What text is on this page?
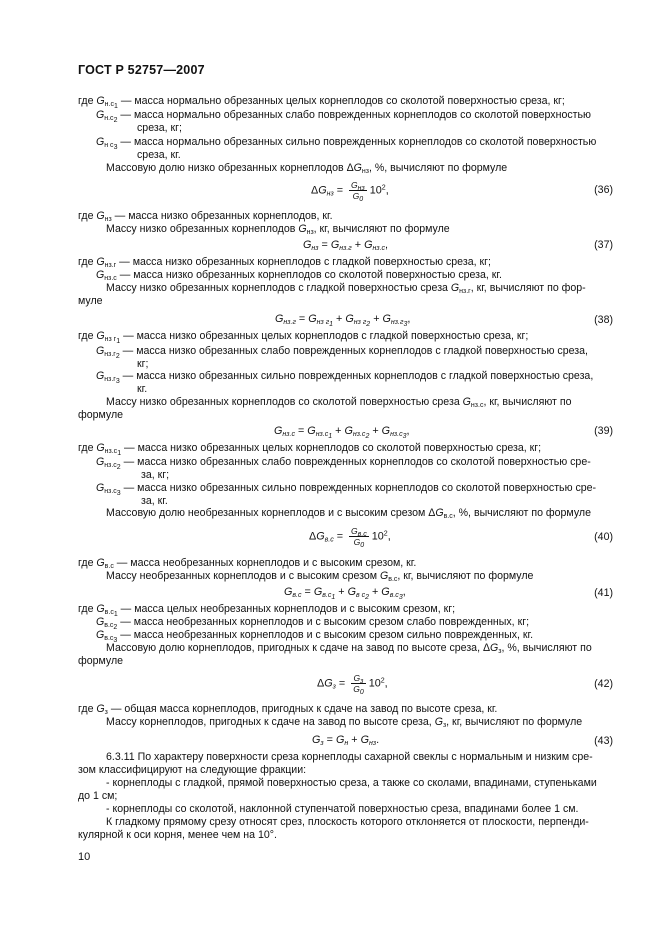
ГОСТ Р 52757—2007
где $G_{н.с_1}$ — масса нормально обрезанных целых корнеплодов со сколотой поверхностью среза, кг;
$G_{н.с_2}$ — масса нормально обрезанных слабо поврежденных корнеплодов со сколотой поверхностью
среза, кг;
$G_{н с_3}$ — масса нормально обрезанных сильно поврежденных корнеплодов со сколотой поверхностью
среза, кг.
Массовую долю низко обрезанных корнеплодов $\Delta G_{нз}$, %, вычисляют по формуле
$\Delta G_{нз} = \frac{G_{нз}}{G_0} 10^2$,	(36)
где $G_{нз}$ — масса низко обрезанных корнеплодов, кг.
Массу низко обрезанных корнеплодов $G_{нз}$, кг, вычисляют по формуле
$G_{нз} = G_{нз.г} + G_{нз.с}$,	(37)
где $G_{нз.г}$ — масса низко обрезанных корнеплодов с гладкой поверхностью среза, кг;
$G_{нз.с}$ — масса низко обрезанных корнеплодов со сколотой поверхностью среза, кг.
Массу низко обрезанных корнеплодов с гладкой поверхностью среза $G_{нз.г}$, кг, вычисляют по фор-
муле
$G_{нз.г} = G_{нз г_1} + G_{нз г_2} + G_{нз.г_3}$,	(38)
где $G_{нз г_1}$ — масса низко обрезанных целых корнеплодов с гладкой поверхностью среза, кг;
$G_{нз.г_2}$ — масса низко обрезанных слабо поврежденных корнеплодов с гладкой поверхностью среза,
кг;
$G_{нз.г_3}$ — масса низко обрезанных сильно поврежденных корнеплодов с гладкой поверхностью среза,
кг.
Массу низко обрезанных корнеплодов со сколотой поверхностью среза $G_{нз.с}$, кг, вычисляют по
формуле
$G_{нз.с} = G_{нз.с_1} + G_{нз.с_2} + G_{нз.с_3}$,	(39)
где $G_{нз.с_1}$ — масса низко обрезанных целых корнеплодов со сколотой поверхностью среза, кг;
$G_{нз.с_2}$ — масса низко обрезанных слабо поврежденных корнеплодов со сколотой поверхностью сре-
за, кг;
$G_{нз.с_3}$ — масса низко обрезанных сильно поврежденных корнеплодов со сколотой поверхностью сре-
за, кг.
Массовую долю необрезанных корнеплодов и с высоким срезом $\Delta G_{в.с}$, %, вычисляют по формуле
$\Delta G_{в.с} = \frac{G_{в.с}}{G_0} 10^2$,	(40)
где $G_{в.с}$ — масса необрезанных корнеплодов и с высоким срезом, кг.
Массу необрезанных корнеплодов и с высоким срезом $G_{в.с}$, кг, вычисляют по формуле
$G_{в.с} = G_{в.с_1} + G_{в с_2} + G_{в.с_3}$,	(41)
где $G_{в.с_1}$ — масса целых необрезанных корнеплодов и с высоким срезом, кг;
$G_{в.с_2}$ — масса необрезанных корнеплодов и с высоким срезом слабо поврежденных, кг;
$G_{в.с_3}$ — масса необрезанных корнеплодов и с высоким срезом сильно поврежденных, кг.
Массовую долю корнеплодов, пригодных к сдаче на завод по высоте среза, $\Delta G_з$, %, вычисляют по
формуле
$\Delta G_з = \frac{G_з}{G_0} 10^2$,	(42)
где $G_з$ — общая масса корнеплодов, пригодных к сдаче на завод по высоте среза, кг.
Массу корнеплодов, пригодных к сдаче на завод по высоте среза, $G_з$, кг, вычисляют по формуле
$G_з = G_н + G_{нз}$.	(43)
6.3.11 По характеру поверхности среза корнеплоды сахарной свеклы с нормальным и низким сре-
зом классифицируют на следующие фракции:
- корнеплоды с гладкой, прямой поверхностью среза, а также со сколами, впадинами, ступеньками
до 1 см;
- корнеплоды со сколотой, наклонной ступенчатой поверхностью среза, впадинами более 1 см.
К гладкому прямому срезу относят срез, плоскость которого отклоняется от плоскости, перпенди-
кулярной к оси корня, менее чем на 10°.
10
